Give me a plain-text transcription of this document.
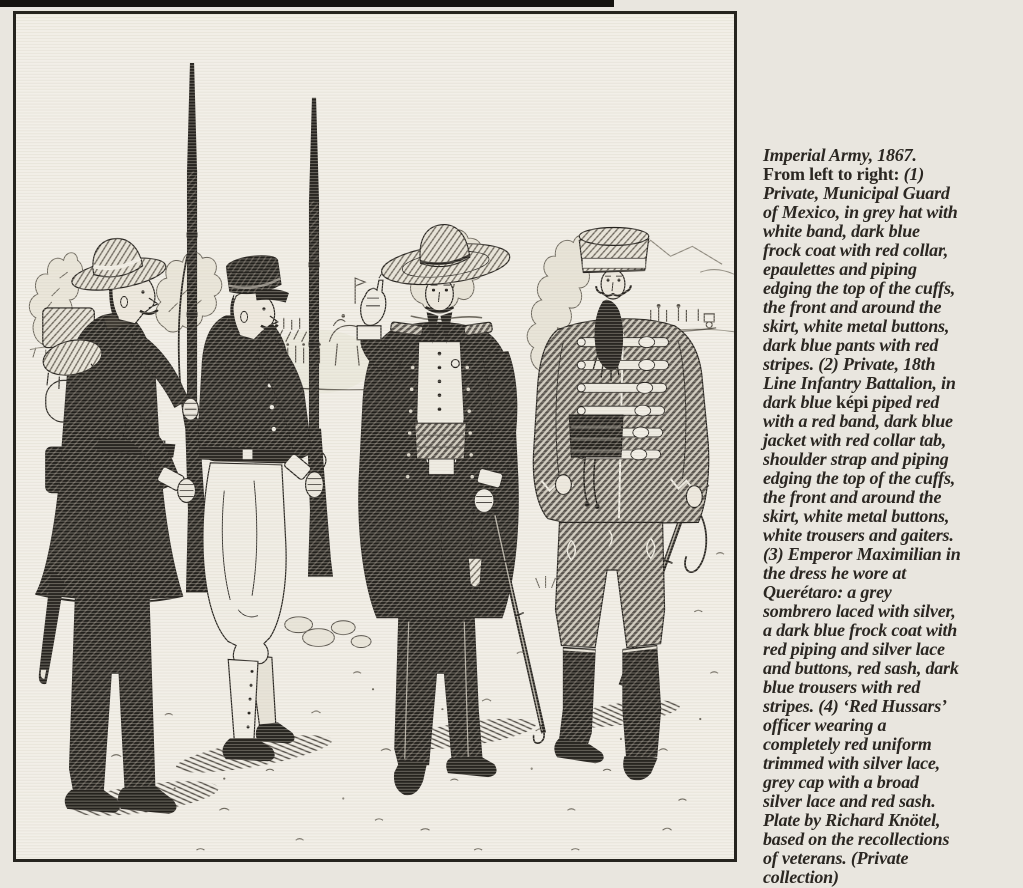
Imperial Army, 1867.
From left to right: (1)
Private, Municipal Guard
of Mexico, in grey hat with
white band, dark blue
frock coat with red collar,
epaulettes and piping
edging the top of the cuffs,
the front and around the
skirt, white metal buttons,
dark blue pants with red
stripes. (2) Private, 18th
Line Infantry Battalion, in
dark blue képi piped red
with a red band, dark blue
jacket with red collar tab,
shoulder strap and piping
edging the top of the cuffs,
the front and around the
skirt, white metal buttons,
white trousers and gaiters.
(3) Emperor Maximilian in
the dress he wore at
Querétaro: a grey
sombrero laced with silver,
a dark blue frock coat with
red piping and silver lace
and buttons, red sash, dark
blue trousers with red
stripes. (4) ‘Red Hussars’
officer wearing a
completely red uniform
trimmed with silver lace,
grey cap with a broad
silver lace and red sash.
Plate by Richard Knötel,
based on the recollections
of veterans. (Private
collection)
